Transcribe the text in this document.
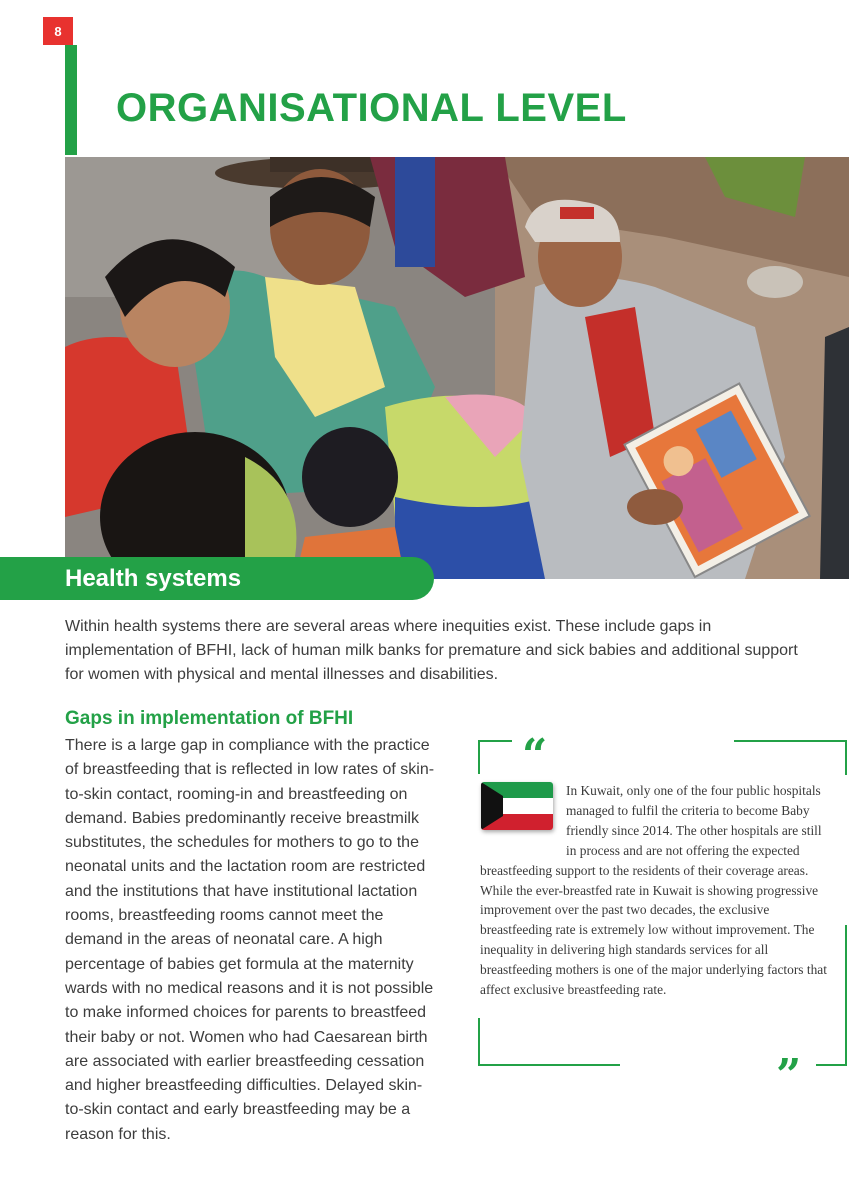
8
ORGANISATIONAL LEVEL
Health systems

Within health systems there are several areas where inequities exist. These include gaps in implementation of BFHI, lack of human milk banks for premature and sick babies and additional support for women with physical and mental illnesses and disabilities.

Gaps in implementation of BFHI

There is a large gap in compliance with the practice of breastfeeding that is reflected in low rates of skin-to-skin contact, rooming-in and breastfeeding on demand. Babies predominantly receive breastmilk substitutes, the schedules for mothers to go to the neonatal units and the lactation room are restricted and the institutions that have institutional lactation rooms, breastfeeding rooms cannot meet the demand in the areas of neonatal care. A high percentage of babies get formula at the maternity wards with no medical reasons and it is not possible to make informed choices for parents to breastfeed their baby or not. Women who had Caesarean birth are associated with earlier breastfeeding cessation and higher breastfeeding difficulties. Delayed skin-to-skin contact and early breastfeeding may be a reason for this.

“
”

In Kuwait, only one of the four public hospitals managed to fulfil the criteria to become Baby friendly since 2014. The other hospitals are still in process and are not offering the expected breastfeeding support to the residents of their coverage areas. While the ever-breastfed rate in Kuwait is showing progressive improvement over the past two decades, the exclusive breastfeeding rate is extremely low without improvement. The inequality in delivering high standards services for all breastfeeding mothers is one of the major underlying factors that affect exclusive breastfeeding rate.
